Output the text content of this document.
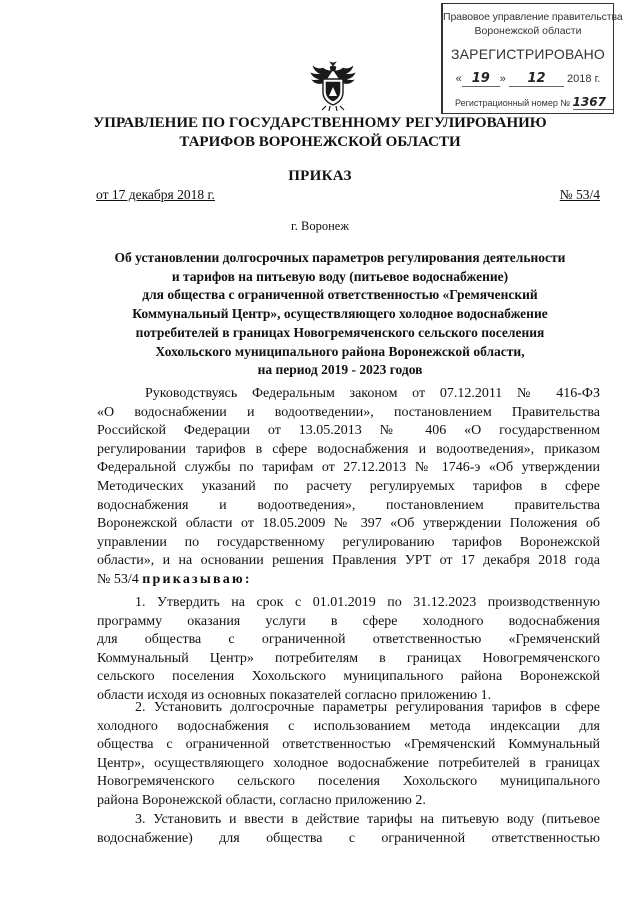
Правовое управление правительства
Воронежской области
ЗАРЕГИСТРИРОВАНО
« 19 » 12 2018 г.
Регистрационный номер № 1367
УПРАВЛЕНИЕ ПО ГОСУДАРСТВЕННОМУ РЕГУЛИРОВАНИЮ
ТАРИФОВ ВОРОНЕЖСКОЙ ОБЛАСТИ
ПРИКАЗ
от 17 декабря 2018 г.	№ 53/4
г. Воронеж
Об установлении долгосрочных параметров регулирования деятельности
и тарифов на питьевую воду (питьевое водоснабжение)
для общества с ограниченной ответственностью «Гремяченский
Коммунальный Центр», осуществляющего холодное водоснабжение
потребителей в границах Новогремяченского сельского поселения
Хохольского муниципального района Воронежской области,
на период 2019 - 2023 годов
Руководствуясь Федеральным законом от 07.12.2011 № 416-ФЗ
«О водоснабжении и водоотведении», постановлением Правительства
Российской Федерации от 13.05.2013 № 406 «О государственном
регулировании тарифов в сфере водоснабжения и водоотведения», приказом
Федеральной службы по тарифам от 27.12.2013 № 1746-э «Об утверждении
Методических указаний по расчету регулируемых тарифов в сфере
водоснабжения и водоотведения», постановлением правительства
Воронежской области от 18.05.2009 № 397 «Об утверждении Положения об
управлении по государственному регулированию тарифов Воронежской
области», и на основании решения Правления УРТ от 17 декабря 2018 года
№ 53/4 приказываю:
1. Утвердить на срок с 01.01.2019 по 31.12.2023 производственную
программу оказания услуги в сфере холодного водоснабжения
для общества с ограниченной ответственностью «Гремяченский
Коммунальный Центр» потребителям в границах Новогремяченского
сельского поселения Хохольского муниципального района Воронежской
области исходя из основных показателей согласно приложению 1.
2. Установить долгосрочные параметры регулирования тарифов в сфере
холодного водоснабжения с использованием метода индексации для
общества с ограниченной ответственностью «Гремяченский Коммунальный
Центр», осуществляющего холодное водоснабжение потребителей в границах
Новогремяченского сельского поселения Хохольского муниципального
района Воронежской области, согласно приложению 2.
3. Установить и ввести в действие тарифы на питьевую воду (питьевое
водоснабжение) для общества с ограниченной ответственностью
